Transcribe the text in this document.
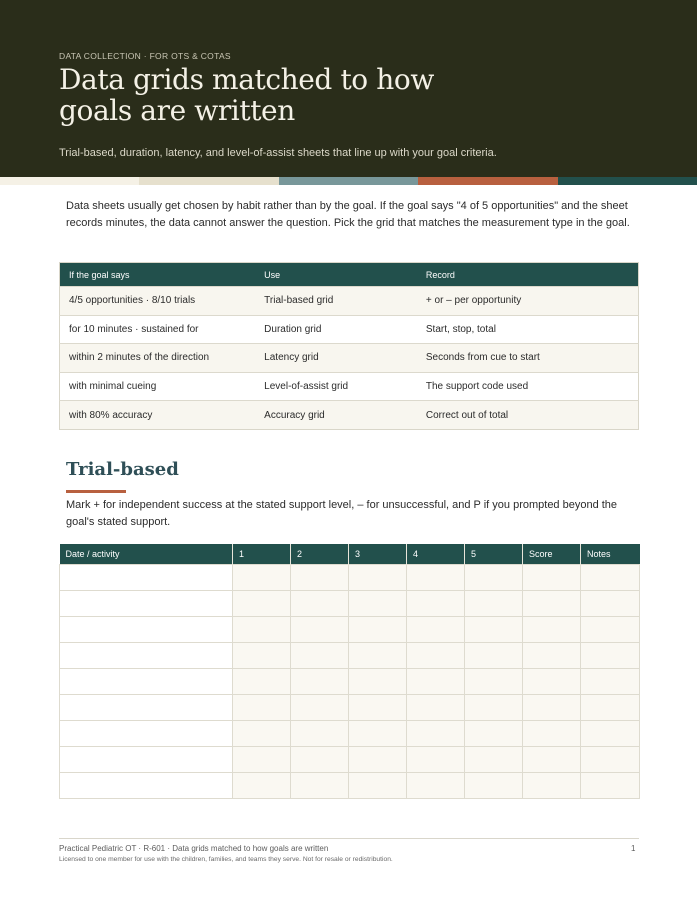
DATA COLLECTION · FOR OTS & COTAS
Data grids matched to how goals are written
Trial-based, duration, latency, and level-of-assist sheets that line up with your goal criteria.

Data sheets usually get chosen by habit rather than by the goal. If the goal says "4 of 5 opportunities" and the sheet records minutes, the data cannot answer the question. Pick the grid that matches the measurement type in the goal.

If the goal says	Use	Record
4/5 opportunities · 8/10 trials	Trial-based grid	+ or – per opportunity
for 10 minutes · sustained for	Duration grid	Start, stop, total
within 2 minutes of the direction	Latency grid	Seconds from cue to start
with minimal cueing	Level-of-assist grid	The support code used
with 80% accuracy	Accuracy grid	Correct out of total
Trial-based

Mark + for independent success at the stated support level, – for unsuccessful, and P if you prompted beyond the goal's stated support.

Date / activity	1	2	3	4	5	Score	Notes

Practical Pediatric OT · R-601 · Data grids matched to how goals are written	1
Licensed to one member for use with the children, families, and teams they serve. Not for resale or redistribution.
